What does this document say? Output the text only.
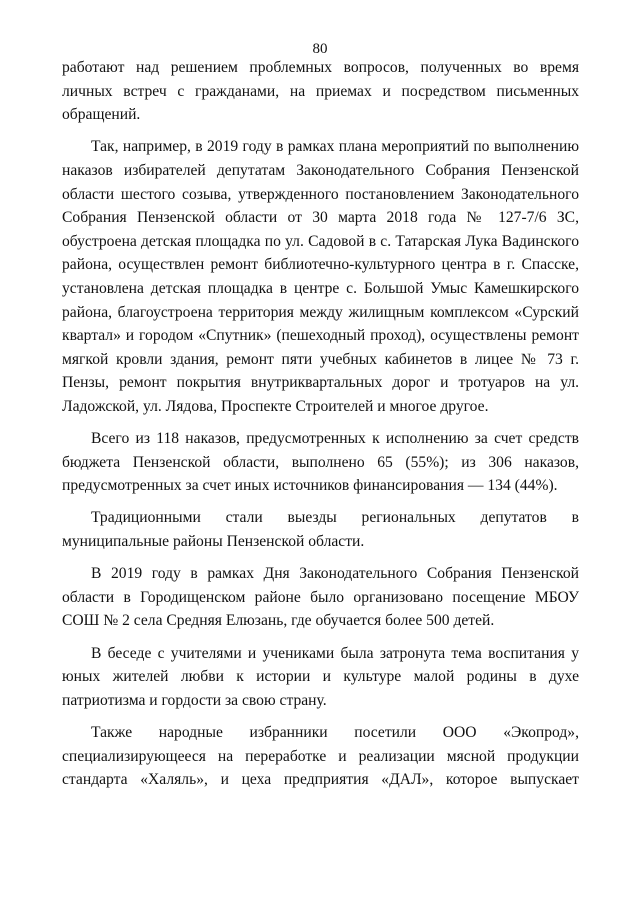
80

работают над решением проблемных вопросов, полученных во время личных встреч с гражданами, на приемах и посредством письменных обращений.

Так, например, в 2019 году в рамках плана мероприятий по выполнению наказов избирателей депутатам Законодательного Собрания Пензенской области шестого созыва, утвержденного постановлением Законодательного Собрания Пензенской области от 30 марта 2018 года № 127-7/6 ЗС, обустроена детская площадка по ул. Садовой в с. Татарская Лука Вадинского района, осуществлен ремонт библиотечно-культурного центра в г. Спасске, установлена детская площадка в центре с. Большой Умыс Камешкирского района, благоустроена территория между жилищным комплексом «Сурский квартал» и городом «Спутник» (пешеходный проход), осуществлены ремонт мягкой кровли здания, ремонт пяти учебных кабинетов в лицее № 73 г. Пензы, ремонт покрытия внутриквартальных дорог и тротуаров на ул. Ладожской, ул. Лядова, Проспекте Строителей и многое другое.

Всего из 118 наказов, предусмотренных к исполнению за счет средств бюджета Пензенской области, выполнено 65 (55%); из 306 наказов, предусмотренных за счет иных источников финансирования — 134 (44%).

Традиционными стали выезды региональных депутатов в муниципальные районы Пензенской области.

В 2019 году в рамках Дня Законодательного Собрания Пензенской области в Городищенском районе было организовано посещение МБОУ СОШ № 2 села Средняя Елюзань, где обучается более 500 детей.

В беседе с учителями и учениками была затронута тема воспитания у юных жителей любви к истории и культуре малой родины в духе патриотизма и гордости за свою страну.

Также народные избранники посетили ООО «Экопрод», специализирующееся на переработке и реализации мясной продукции стандарта «Халяль», и цеха предприятия «ДАЛ», которое выпускает
